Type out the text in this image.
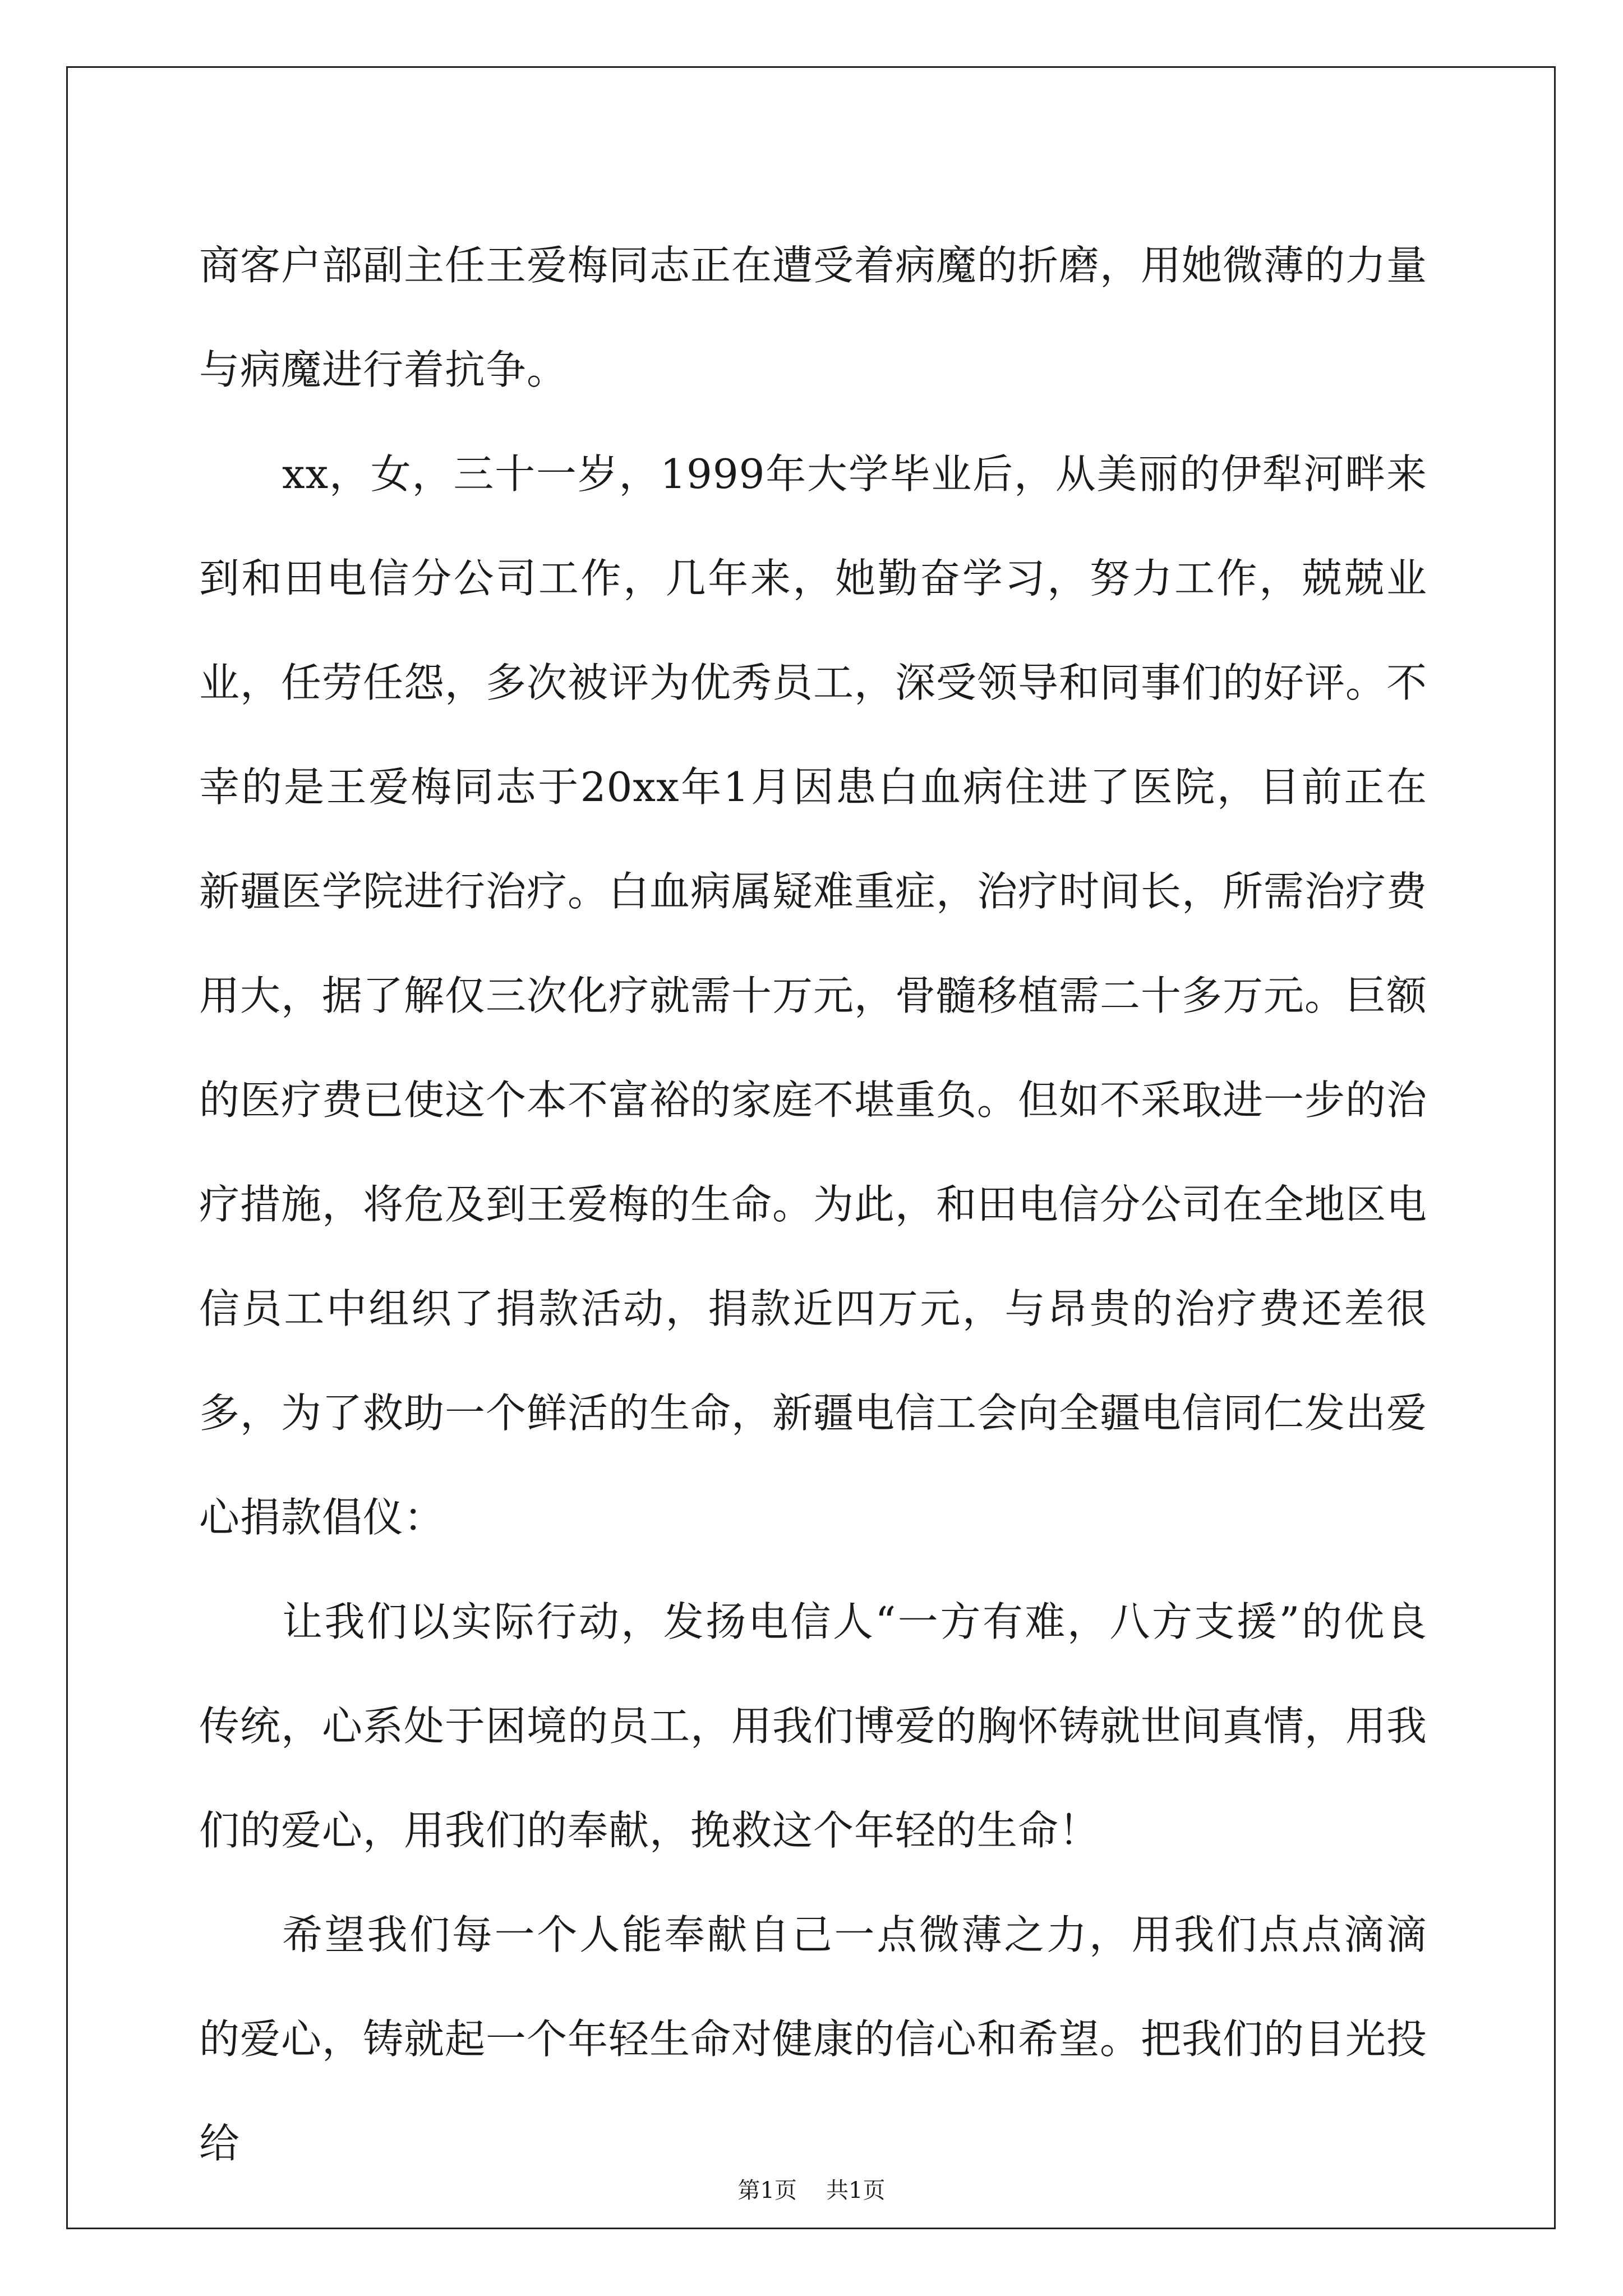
商客户部副主任王爱梅同志正在遭受着病魔的折磨，用她微薄的力量与病魔进行着抗争。

xx，女，三十一岁，1999年大学毕业后，从美丽的伊犁河畔来到和田电信分公司工作，几年来，她勤奋学习，努力工作，兢兢业业，任劳任怨，多次被评为优秀员工，深受领导和同事们的好评。不幸的是王爱梅同志于20xx年1月因患白血病住进了医院，目前正在新疆医学院进行治疗。白血病属疑难重症，治疗时间长，所需治疗费用大，据了解仅三次化疗就需十万元，骨髓移植需二十多万元。巨额的医疗费已使这个本不富裕的家庭不堪重负。但如不采取进一步的治疗措施，将危及到王爱梅的生命。为此，和田电信分公司在全地区电信员工中组织了捐款活动，捐款近四万元，与昂贵的治疗费还差很多，为了救助一个鲜活的生命，新疆电信工会向全疆电信同仁发出爱心捐款倡仪：

让我们以实际行动，发扬电信人“一方有难，八方支援”的优良传统，心系处于困境的员工，用我们博爱的胸怀铸就世间真情，用我们的爱心，用我们的奉献，挽救这个年轻的生命！

希望我们每一个人能奉献自己一点微薄之力，用我们点点滴滴的爱心，铸就起一个年轻生命对健康的信心和希望。把我们的目光投给

第1页 共1页
